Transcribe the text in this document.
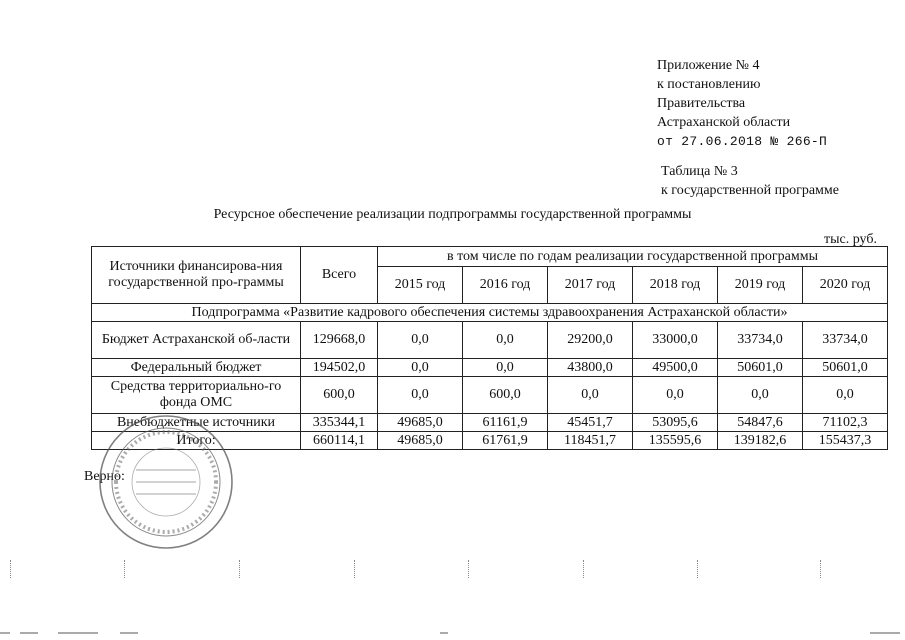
Приложение № 4
к постановлению
Правительства
Астраханской области
от 27.06.2018 № 266-П
Таблица № 3
к государственной программе
Ресурсное обеспечение реализации подпрограммы государственной программы
тыс. руб.
Источники финансирова-ния государственной про-граммы	Всего	в том числе по годам реализации государственной программы					
		2015 год	2016 год	2017 год	2018 год	2019 год	2020 год
Подпрограмма «Развитие кадрового обеспечения системы здравоохранения Астраханской области»							
Бюджет Астраханской об-ласти	129668,0	0,0	0,0	29200,0	33000,0	33734,0	33734,0
Федеральный бюджет	194502,0	0,0	0,0	43800,0	49500,0	50601,0	50601,0
Средства территориально-го фонда ОМС	600,0	0,0	600,0	0,0	0,0	0,0	0,0
Внебюджетные источники	335344,1	49685,0	61161,9	45451,7	53095,6	54847,6	71102,3
Итого:	660114,1	49685,0	61761,9	118451,7	135595,6	139182,6	155437,3
Верно:
